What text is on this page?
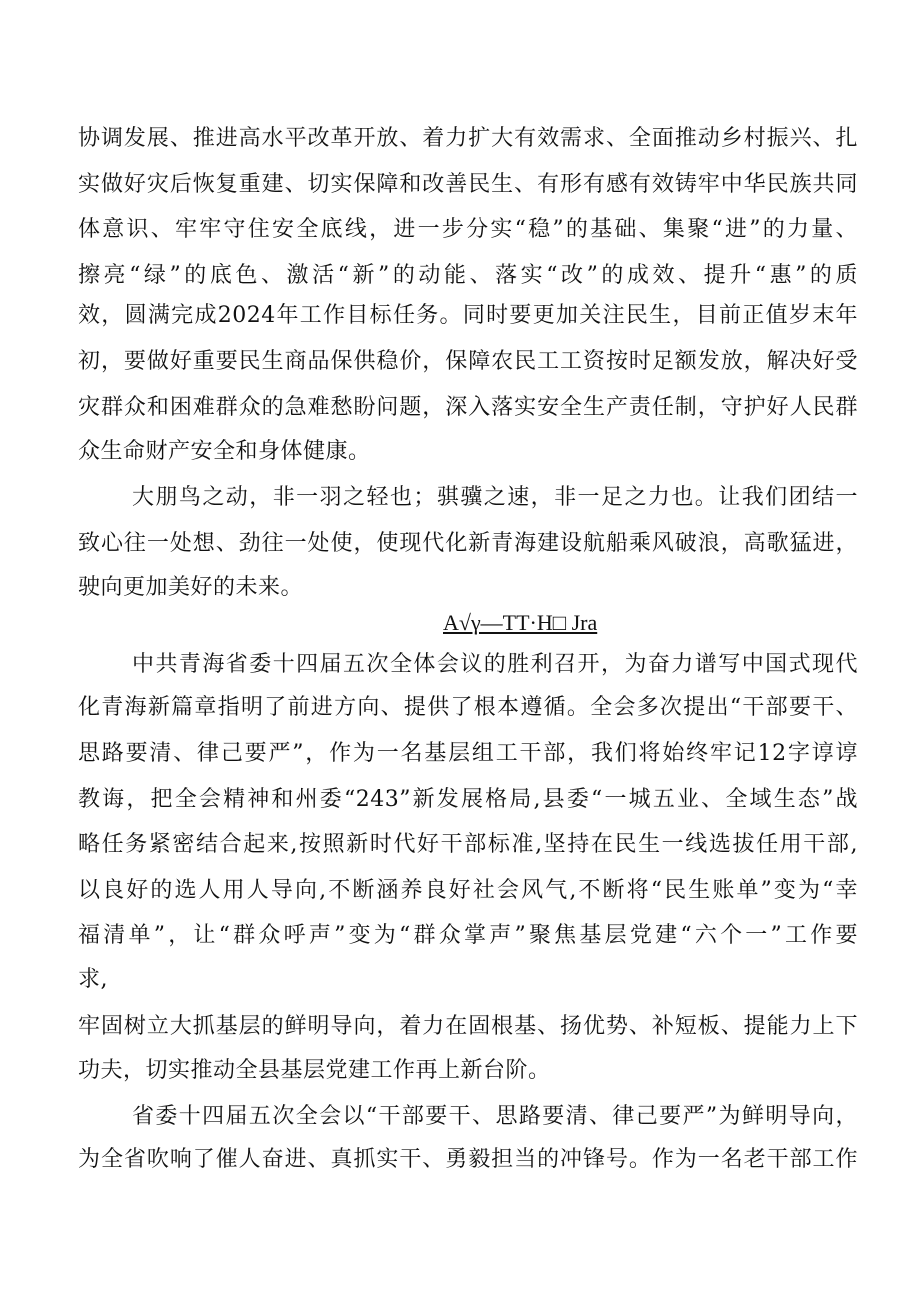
协调发展、推进高水平改革开放、着力扩大有效需求、全面推动乡村振兴、扎
实做好灾后恢复重建、切实保障和改善民生、有形有感有效铸牢中华民族共同
体意识、牢牢守住安全底线，进一步分实“稳”的基础、集聚“进”的力量、
擦亮“绿”的底色、激活“新”的动能、落实“改”的成效、提升“惠”的质
效，圆满完成2024年工作目标任务。同时要更加关注民生，目前正值岁末年
初，要做好重要民生商品保供稳价，保障农民工工资按时足额发放，解决好受
灾群众和困难群众的急难愁盼问题，深入落实安全生产责任制，守护好人民群
众生命财产安全和身体健康。
大朋鸟之动，非一羽之轻也；骐骥之速，非一足之力也。让我们团结一
致心往一处想、劲往一处使，使现代化新青海建设航船乘风破浪，高歌猛进，
驶向更加美好的未来。
A√γ—TT·H□ Jra
中共青海省委十四届五次全体会议的胜利召开，为奋力谱写中国式现代
化青海新篇章指明了前进方向、提供了根本遵循。全会多次提出“干部要干、
思路要清、律己要严”，作为一名基层组工干部，我们将始终牢记12字谆谆
教诲，把全会精神和州委“243”新发展格局,县委“一城五业、全域生态”战
略任务紧密结合起来,按照新时代好干部标准,坚持在民生一线选拔任用干部,
以良好的选人用人导向,不断涵养良好社会风气,不断将“民生账单”变为“幸
福清单”，让“群众呼声”变为“群众掌声”聚焦基层党建“六个一”工作要
求,
牢固树立大抓基层的鲜明导向，着力在固根基、扬优势、补短板、提能力上下
功夫，切实推动全县基层党建工作再上新台阶。
省委十四届五次全会以“干部要干、思路要清、律己要严”为鲜明导向，
为全省吹响了催人奋进、真抓实干、勇毅担当的冲锋号。作为一名老干部工作
